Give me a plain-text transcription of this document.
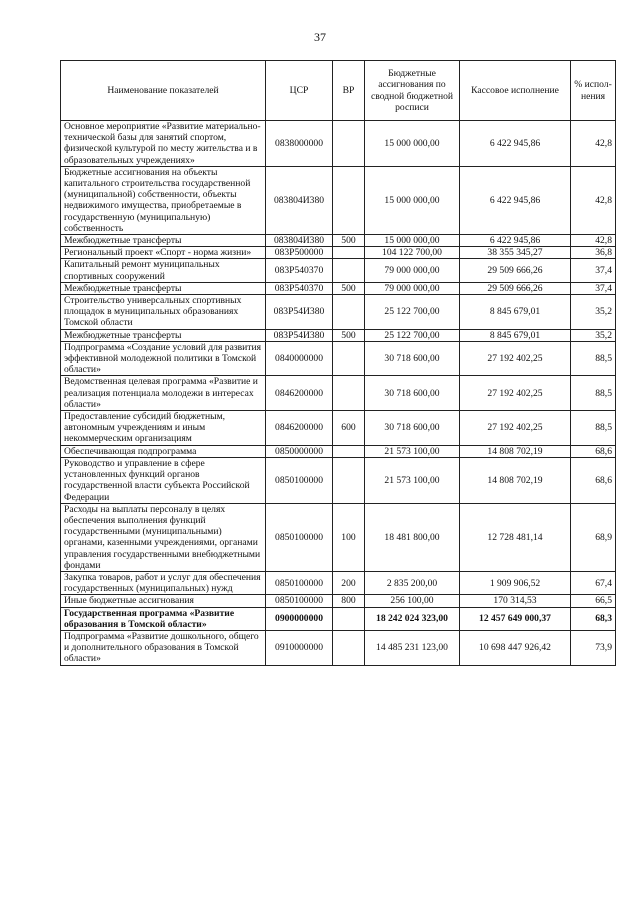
37
Наименование показателей	ЦСР	ВР	Бюджетные ассигнования по сводной бюджетной росписи	Кассовое исполнение	% испол-нения
Основное мероприятие «Развитие материально-технической базы для занятий спортом, физической культурой по месту жительства и в образовательных учреждениях»	0838000000		15 000 000,00	6 422 945,86	42,8
Бюджетные ассигнования на объекты капитального строительства государственной (муниципальной) собственности, объекты недвижимого имущества, приобретаемые в государственную (муниципальную) собственность	083804И380		15 000 000,00	6 422 945,86	42,8
Межбюджетные трансферты	083804И380	500	15 000 000,00	6 422 945,86	42,8
Региональный проект «Спорт - норма жизни»	083P500000		104 122 700,00	38 355 345,27	36,8
Капитальный ремонт муниципальных спортивных сооружений	083P540370		79 000 000,00	29 509 666,26	37,4
Межбюджетные трансферты	083P540370	500	79 000 000,00	29 509 666,26	37,4
Строительство универсальных спортивных площадок в муниципальных образованиях Томской области	083P54И380		25 122 700,00	8 845 679,01	35,2
Межбюджетные трансферты	083P54И380	500	25 122 700,00	8 845 679,01	35,2
Подпрограмма «Создание условий для развития эффективной молодежной политики в Томской области»	0840000000		30 718 600,00	27 192 402,25	88,5
Ведомственная целевая программа «Развитие и реализация потенциала молодежи в интересах области»	0846200000		30 718 600,00	27 192 402,25	88,5
Предоставление субсидий бюджетным, автономным учреждениям и иным некоммерческим организациям	0846200000	600	30 718 600,00	27 192 402,25	88,5
Обеспечивающая подпрограмма	0850000000		21 573 100,00	14 808 702,19	68,6
Руководство и управление в сфере установленных функций органов государственной власти субъекта Российской Федерации	0850100000		21 573 100,00	14 808 702,19	68,6
Расходы на выплаты персоналу в целях обеспечения выполнения функций государственными (муниципальными) органами, казенными учреждениями, органами управления государственными внебюджетными фондами	0850100000	100	18 481 800,00	12 728 481,14	68,9
Закупка товаров, работ и услуг для обеспечения государственных (муниципальных) нужд	0850100000	200	2 835 200,00	1 909 906,52	67,4
Иные бюджетные ассигнования	0850100000	800	256 100,00	170 314,53	66,5
Государственная программа «Развитие образования в Томской области»	0900000000		18 242 024 323,00	12 457 649 000,37	68,3
Подпрограмма «Развитие дошкольного, общего и дополнительного образования в Томской области»	0910000000		14 485 231 123,00	10 698 447 926,42	73,9
